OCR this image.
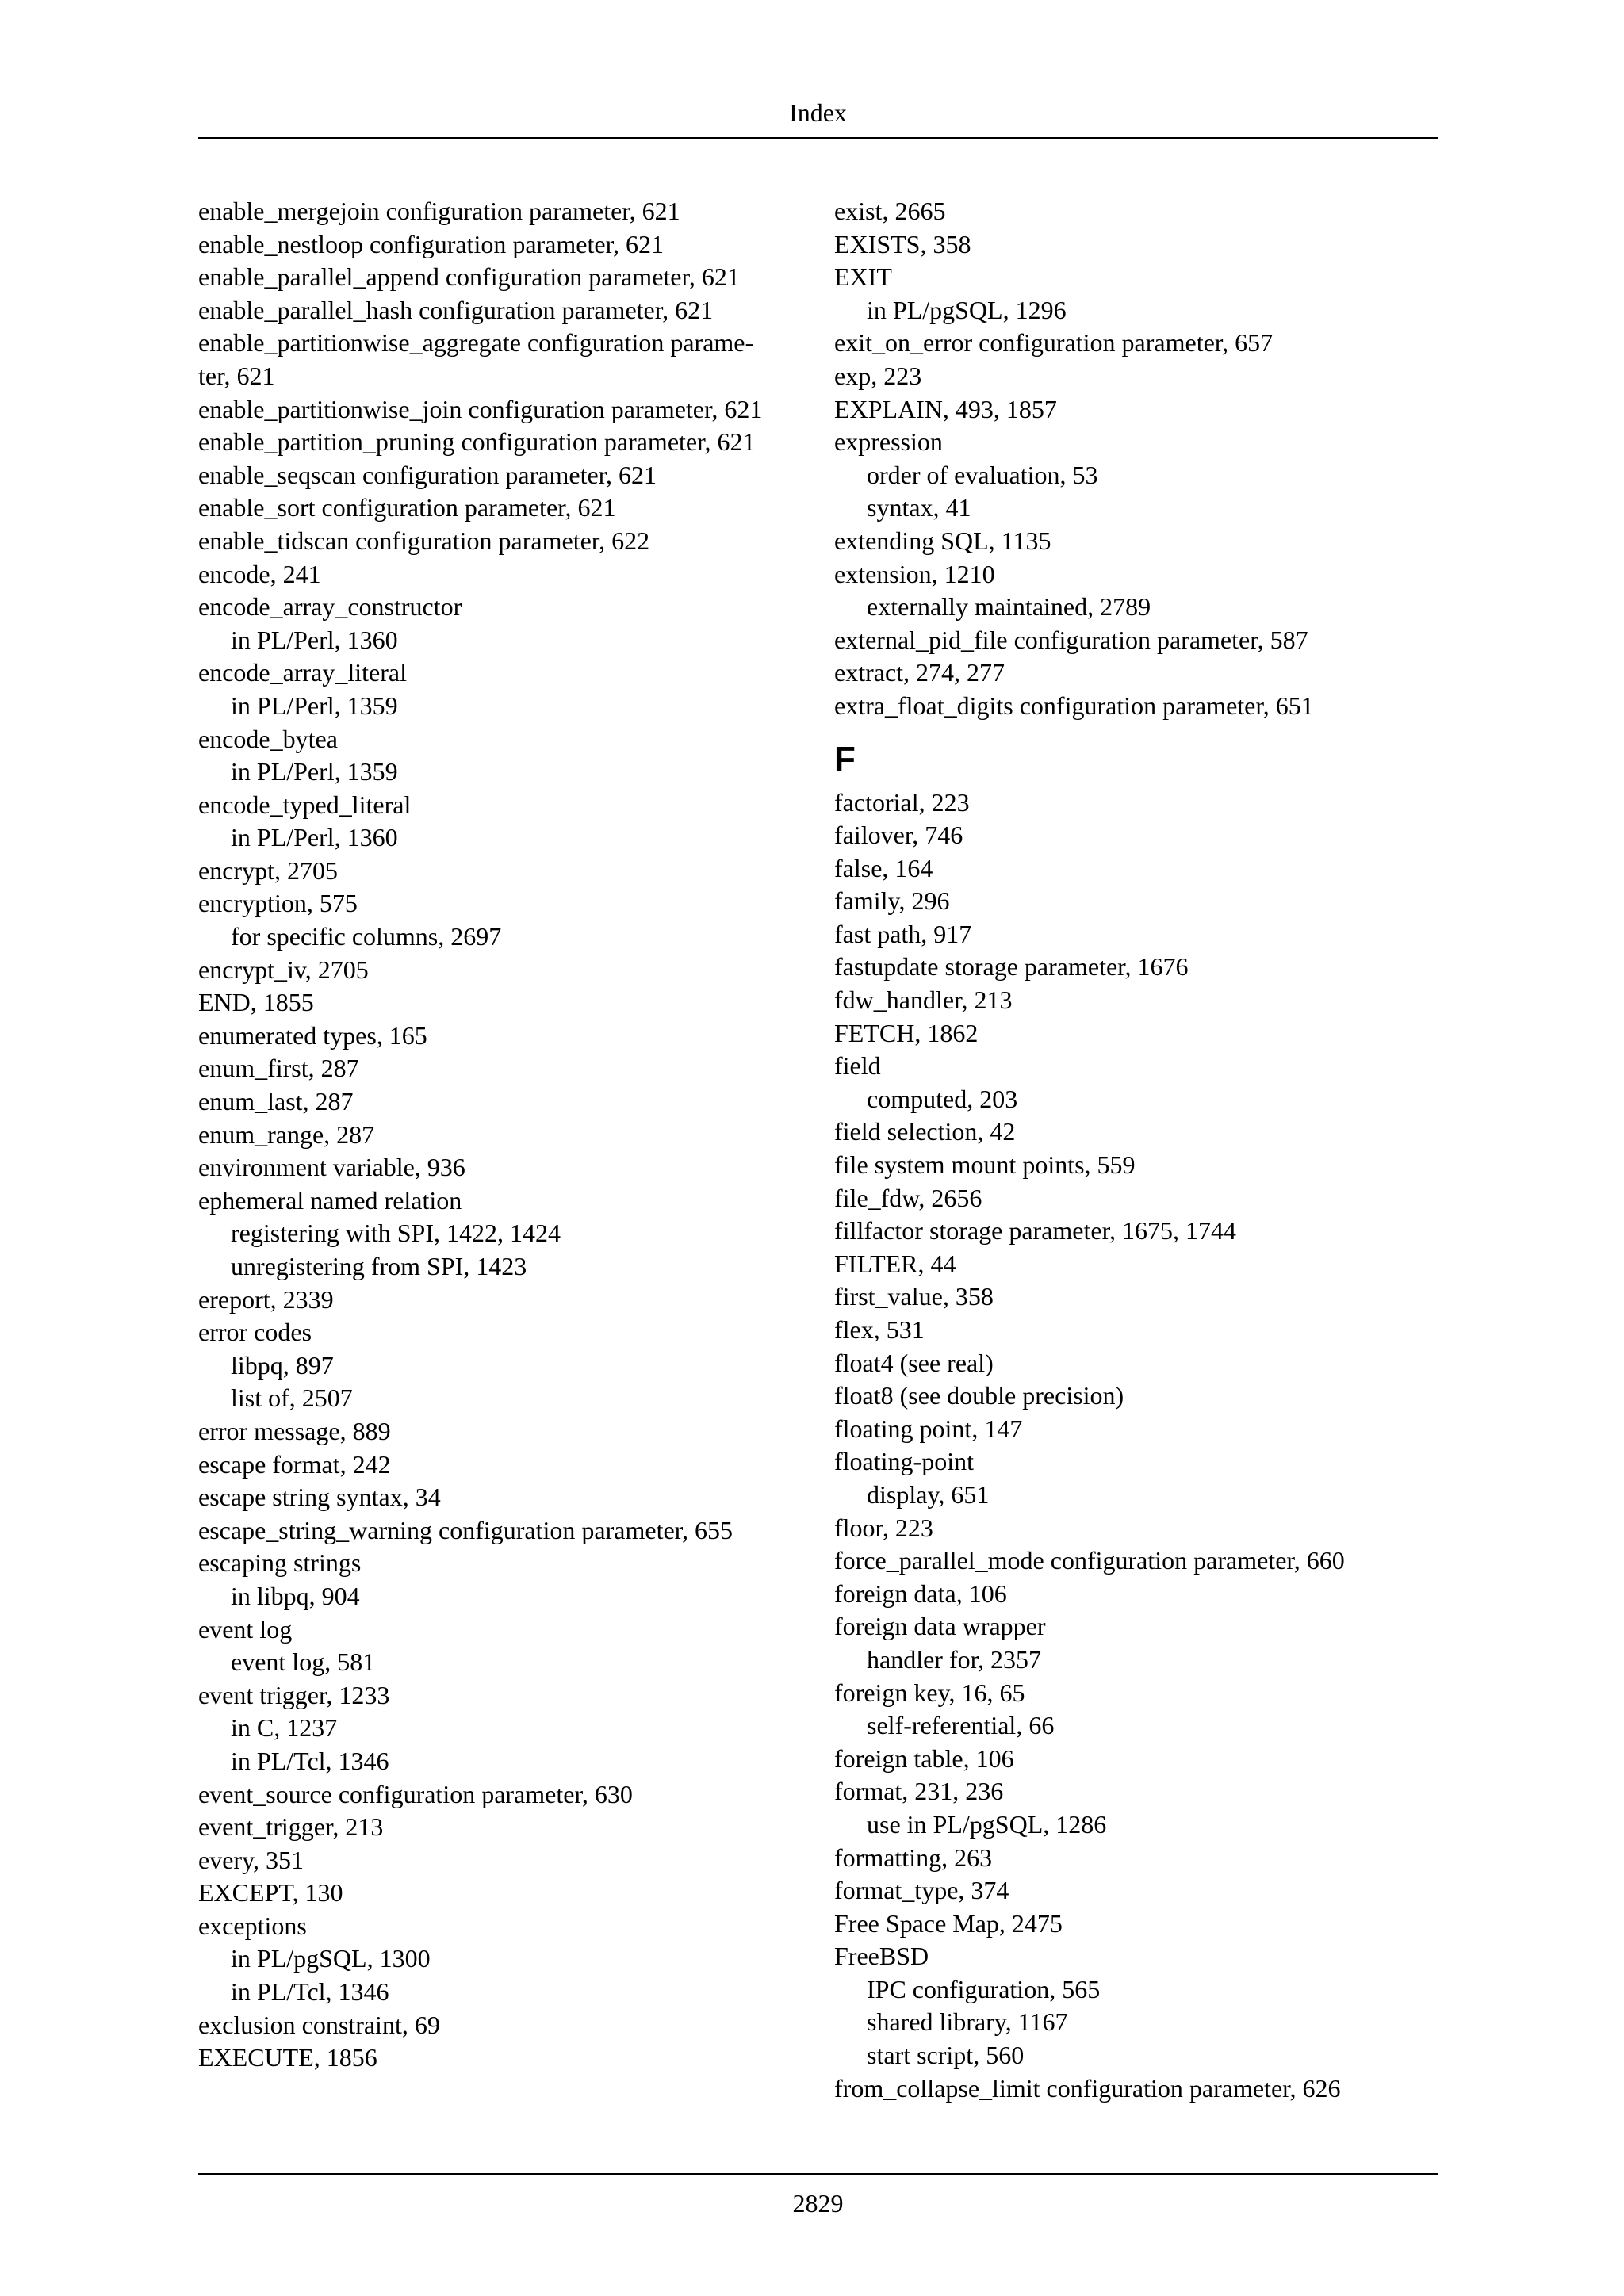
Index
enable_mergejoin configuration parameter, 621
enable_nestloop configuration parameter, 621
enable_parallel_append configuration parameter, 621
enable_parallel_hash configuration parameter, 621
enable_partitionwise_aggregate configuration parame-
ter, 621
enable_partitionwise_join configuration parameter, 621
enable_partition_pruning configuration parameter, 621
enable_seqscan configuration parameter, 621
enable_sort configuration parameter, 621
enable_tidscan configuration parameter, 622
encode, 241
encode_array_constructor
in PL/Perl, 1360
encode_array_literal
in PL/Perl, 1359
encode_bytea
in PL/Perl, 1359
encode_typed_literal
in PL/Perl, 1360
encrypt, 2705
encryption, 575
for specific columns, 2697
encrypt_iv, 2705
END, 1855
enumerated types, 165
enum_first, 287
enum_last, 287
enum_range, 287
environment variable, 936
ephemeral named relation
registering with SPI, 1422, 1424
unregistering from SPI, 1423
ereport, 2339
error codes
libpq, 897
list of, 2507
error message, 889
escape format, 242
escape string syntax, 34
escape_string_warning configuration parameter, 655
escaping strings
in libpq, 904
event log
event log, 581
event trigger, 1233
in C, 1237
in PL/Tcl, 1346
event_source configuration parameter, 630
event_trigger, 213
every, 351
EXCEPT, 130
exceptions
in PL/pgSQL, 1300
in PL/Tcl, 1346
exclusion constraint, 69
EXECUTE, 1856
exist, 2665
EXISTS, 358
EXIT
in PL/pgSQL, 1296
exit_on_error configuration parameter, 657
exp, 223
EXPLAIN, 493, 1857
expression
order of evaluation, 53
syntax, 41
extending SQL, 1135
extension, 1210
externally maintained, 2789
external_pid_file configuration parameter, 587
extract, 274, 277
extra_float_digits configuration parameter, 651
F
factorial, 223
failover, 746
false, 164
family, 296
fast path, 917
fastupdate storage parameter, 1676
fdw_handler, 213
FETCH, 1862
field
computed, 203
field selection, 42
file system mount points, 559
file_fdw, 2656
fillfactor storage parameter, 1675, 1744
FILTER, 44
first_value, 358
flex, 531
float4 (see real)
float8 (see double precision)
floating point, 147
floating-point
display, 651
floor, 223
force_parallel_mode configuration parameter, 660
foreign data, 106
foreign data wrapper
handler for, 2357
foreign key, 16, 65
self-referential, 66
foreign table, 106
format, 231, 236
use in PL/pgSQL, 1286
formatting, 263
format_type, 374
Free Space Map, 2475
FreeBSD
IPC configuration, 565
shared library, 1167
start script, 560
from_collapse_limit configuration parameter, 626
2829
